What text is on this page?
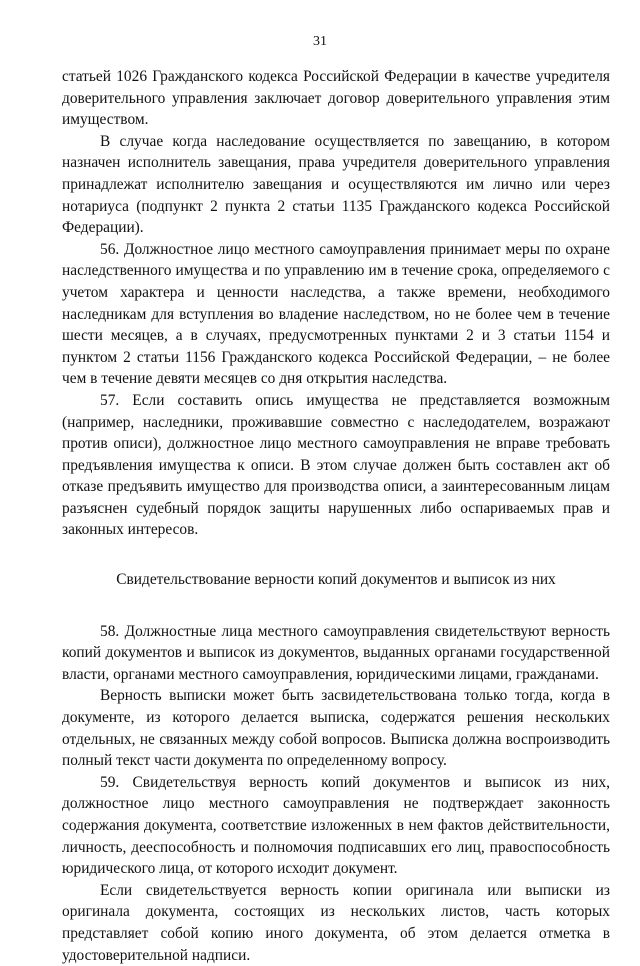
31

статьей 1026 Гражданского кодекса Российской Федерации в качестве учредителя доверительного управления заключает договор доверительного управления этим имуществом.

В случае когда наследование осуществляется по завещанию, в котором назначен исполнитель завещания, права учредителя доверительного управления принадлежат исполнителю завещания и осуществляются им лично или через нотариуса (подпункт 2 пункта 2 статьи 1135 Гражданского кодекса Российской Федерации).

56. Должностное лицо местного самоуправления принимает меры по охране наследственного имущества и по управлению им в течение срока, определяемого с учетом характера и ценности наследства, а также времени, необходимого наследникам для вступления во владение наследством, но не более чем в течение шести месяцев, а в случаях, предусмотренных пунктами 2 и 3 статьи 1154 и пунктом 2 статьи 1156 Гражданского кодекса Российской Федерации, – не более чем в течение девяти месяцев со дня открытия наследства.

57. Если составить опись имущества не представляется возможным (например, наследники, проживавшие совместно с наследодателем, возражают против описи), должностное лицо местного самоуправления не вправе требовать предъявления имущества к описи. В этом случае должен быть составлен акт об отказе предъявить имущество для производства описи, а заинтересованным лицам разъяснен судебный порядок защиты нарушенных либо оспариваемых прав и законных интересов.

Свидетельствование верности копий документов и выписок из них

58. Должностные лица местного самоуправления свидетельствуют верность копий документов и выписок из документов, выданных органами государственной власти, органами местного самоуправления, юридическими лицами, гражданами.

Верность выписки может быть засвидетельствована только тогда, когда в документе, из которого делается выписка, содержатся решения нескольких отдельных, не связанных между собой вопросов. Выписка должна воспроизводить полный текст части документа по определенному вопросу.

59. Свидетельствуя верность копий документов и выписок из них, должностное лицо местного самоуправления не подтверждает законность содержания документа, соответствие изложенных в нем фактов действительности, личность, дееспособность и полномочия подписавших его лиц, правоспособность юридического лица, от которого исходит документ.

Если свидетельствуется верность копии оригинала или выписки из оригинала документа, состоящих из нескольких листов, часть которых представляет собой копию иного документа, об этом делается отметка в удостоверительной надписи.
